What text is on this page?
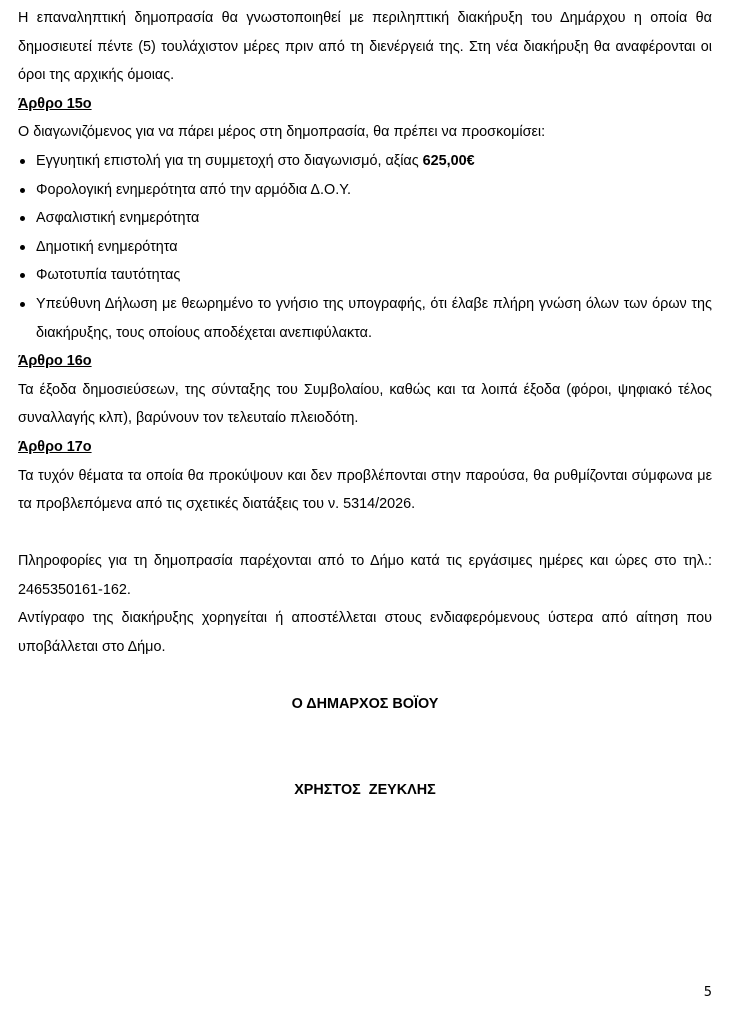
Η επαναληπτική δημοπρασία θα γνωστοποιηθεί με περιληπτική διακήρυξη του Δημάρχου η οποία θα δημοσιευτεί πέντε (5) τουλάχιστον μέρες πριν από τη διενέργειά της. Στη νέα διακήρυξη θα αναφέρονται οι όροι της αρχικής όμοιας.

Άρθρο 15ο

Ο διαγωνιζόμενος για να πάρει μέρος στη δημοπρασία, θα πρέπει να προσκομίσει:

Εγγυητική επιστολή για τη συμμετοχή στο διαγωνισμό, αξίας 625,00€
Φορολογική ενημερότητα από την αρμόδια Δ.Ο.Υ.
Ασφαλιστική ενημερότητα
Δημοτική ενημερότητα
Φωτοτυπία ταυτότητας
Υπεύθυνη Δήλωση με θεωρημένο το γνήσιο της υπογραφής, ότι έλαβε πλήρη γνώση όλων των όρων της διακήρυξης, τους οποίους αποδέχεται ανεπιφύλακτα.

Άρθρο 16ο

Τα έξοδα δημοσιεύσεων, της σύνταξης του Συμβολαίου, καθώς και τα λοιπά έξοδα (φόροι, ψηφιακό τέλος συναλλαγής κλπ), βαρύνουν τον τελευταίο πλειοδότη.

Άρθρο 17ο

Τα τυχόν θέματα τα οποία θα προκύψουν και δεν προβλέπονται στην παρούσα, θα ρυθμίζονται σύμφωνα με τα προβλεπόμενα από τις σχετικές διατάξεις του ν. 5314/2026.

Πληροφορίες για τη δημοπρασία παρέχονται από το Δήμο κατά τις εργάσιμες ημέρες και ώρες στο τηλ.: 2465350161-162.

Αντίγραφο της διακήρυξης χορηγείται ή αποστέλλεται στους ενδιαφερόμενους ύστερα από αίτηση που υποβάλλεται στο Δήμο.

Ο ΔΗΜΑΡΧΟΣ ΒΟΪΟΥ

ΧΡΗΣΤΟΣ  ΖΕΥΚΛΗΣ

5
